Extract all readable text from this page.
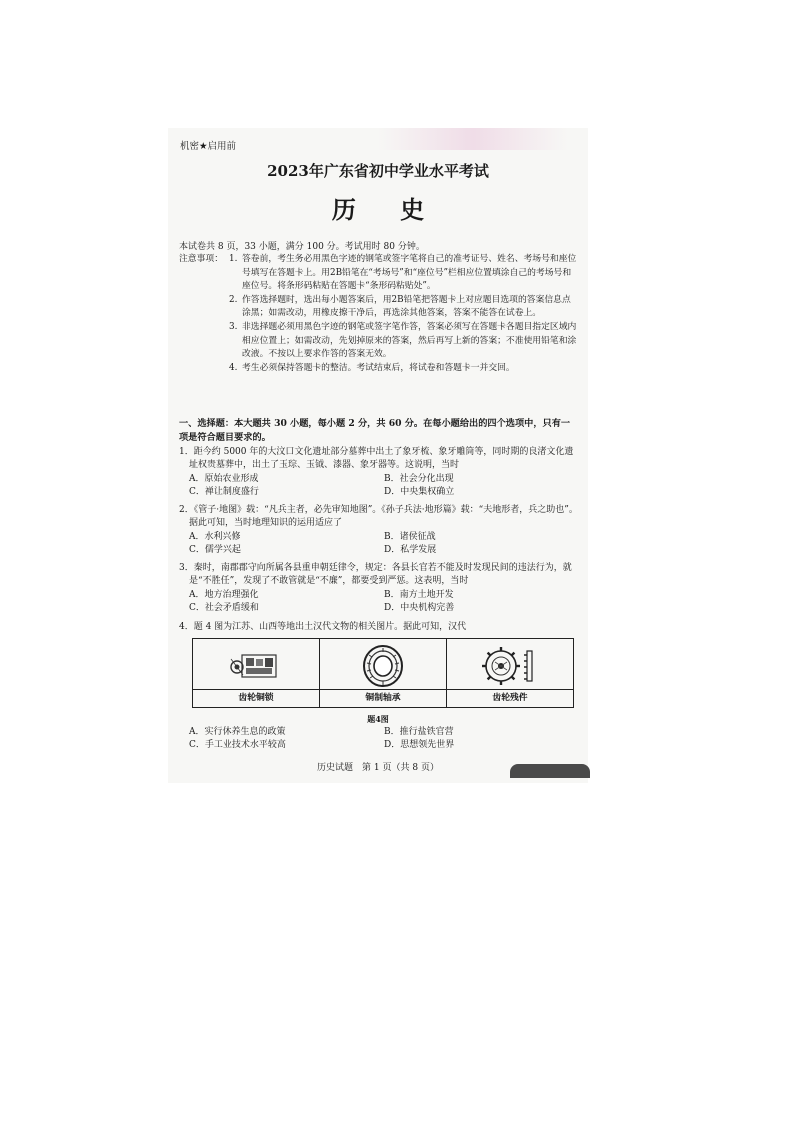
机密★启用前
2023年广东省初中学业水平考试
历 史
本试卷共 8 页，33 小题，满分 100 分。考试用时 80 分钟。
注意事项： 1. 答卷前，考生务必用黑色字迹的钢笔或签字笔将自己的准考证号、姓名、考场号和座位号填写在答题卡上。用2B铅笔在“考场号”和“座位号”栏相应位置填涂自己的考场号和座位号。将条形码粘贴在答题卡“条形码粘贴处”。
2. 作答选择题时，选出每小题答案后，用2B铅笔把答题卡上对应题目选项的答案信息点涂黑；如需改动，用橡皮擦干净后，再选涂其他答案，答案不能答在试卷上。
3. 非选择题必须用黑色字迹的钢笔或签字笔作答，答案必须写在答题卡各题目指定区域内相应位置上；如需改动，先划掉原来的答案，然后再写上新的答案；不准使用铅笔和涂改液。不按以上要求作答的答案无效。
4. 考生必须保持答题卡的整洁。考试结束后，将试卷和答题卡一并交回。
一、选择题：本大题共 30 小题，每小题 2 分，共 60 分。在每小题给出的四个选项中，只有一项是符合题目要求的。
1．距今约 5000 年的大汶口文化遗址部分墓葬中出土了象牙梳、象牙雕筒等，同时期的良渚文化遗址权贵墓葬中，出土了玉琮、玉钺、漆器、象牙器等。这说明，当时
A．原始农业形成	B．社会分化出现
C．禅让制度盛行	D．中央集权确立
2．《管子·地图》载：“凡兵主者，必先审知地图”。《孙子兵法·地形篇》载：“夫地形者，兵之助也”。据此可知，当时地理知识的运用适应了
A．水利兴修	B．诸侯征战
C．儒学兴起	D．私学发展
3．秦时，南郡郡守向所属各县重申朝廷律令，规定：各县长官若不能及时发现民间的违法行为，就是“不胜任”，发现了不敢管就是“不廉”，都要受到严惩。这表明，当时
A．地方治理强化	B．南方土地开发
C．社会矛盾缓和	D．中央机构完善
4．题 4 图为江苏、山西等地出土汉代文物的相关图片。据此可知，汉代
齿轮铜锁	铜制轴承	齿轮残件
题4图
A．实行休养生息的政策	B．推行盐铁官营
C．手工业技术水平较高	D．思想领先世界
历史试题　第 1 页（共 8 页）
